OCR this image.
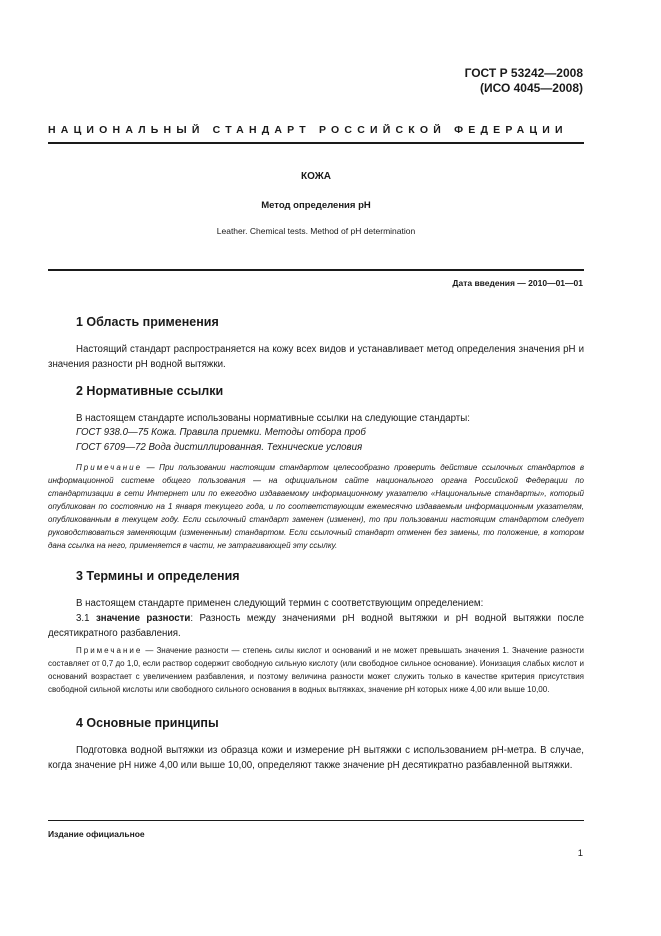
ГОСТ Р 53242—2008
(ИСО 4045—2008)
НАЦИОНАЛЬНЫЙ СТАНДАРТ РОССИЙСКОЙ ФЕДЕРАЦИИ
КОЖА
Метод определения рН
Leather. Chemical tests. Method of pH determination
Дата введения — 2010—01—01
1 Область применения
Настоящий стандарт распространяется на кожу всех видов и устанавливает метод определения значения рН и значения разности рН водной вытяжки.
2 Нормативные ссылки
В настоящем стандарте использованы нормативные ссылки на следующие стандарты:
ГОСТ 938.0—75 Кожа. Правила приемки. Методы отбора проб
ГОСТ 6709—72 Вода дистиллированная. Технические условия
Примечание — При пользовании настоящим стандартом целесообразно проверить действие ссылочных стандартов в информационной системе общего пользования — на официальном сайте национального органа Российской Федерации по стандартизации в сети Интернет или по ежегодно издаваемому информационному указателю «Национальные стандарты», который опубликован по состоянию на 1 января текущего года, и по соответствующим ежемесячно издаваемым информационным указателям, опубликованным в текущем году. Если ссылочный стандарт заменен (изменен), то при пользовании настоящим стандартом следует руководствоваться заменяющим (измененным) стандартом. Если ссылочный стандарт отменен без замены, то положение, в котором дана ссылка на него, применяется в части, не затрагивающей эту ссылку.
3 Термины и определения
В настоящем стандарте применен следующий термин с соответствующим определением:
3.1 значение разности: Разность между значениями рН водной вытяжки и рН водной вытяжки после десятикратного разбавления.
Примечание — Значение разности — степень силы кислот и оснований и не может превышать значения 1. Значение разности составляет от 0,7 до 1,0, если раствор содержит свободную сильную кислоту (или свободное сильное основание). Ионизация слабых кислот и оснований возрастает с увеличением разбавления, и поэтому величина разности может служить только в качестве критерия присутствия свободной сильной кислоты или свободного сильного основания в водных вытяжках, значение рН которых ниже 4,00 или выше 10,00.
4 Основные принципы
Подготовка водной вытяжки из образца кожи и измерение рН вытяжки с использованием рН-метра. В случае, когда значение рН ниже 4,00 или выше 10,00, определяют также значение рН десятикратно разбавленной вытяжки.
Издание официальное
1
